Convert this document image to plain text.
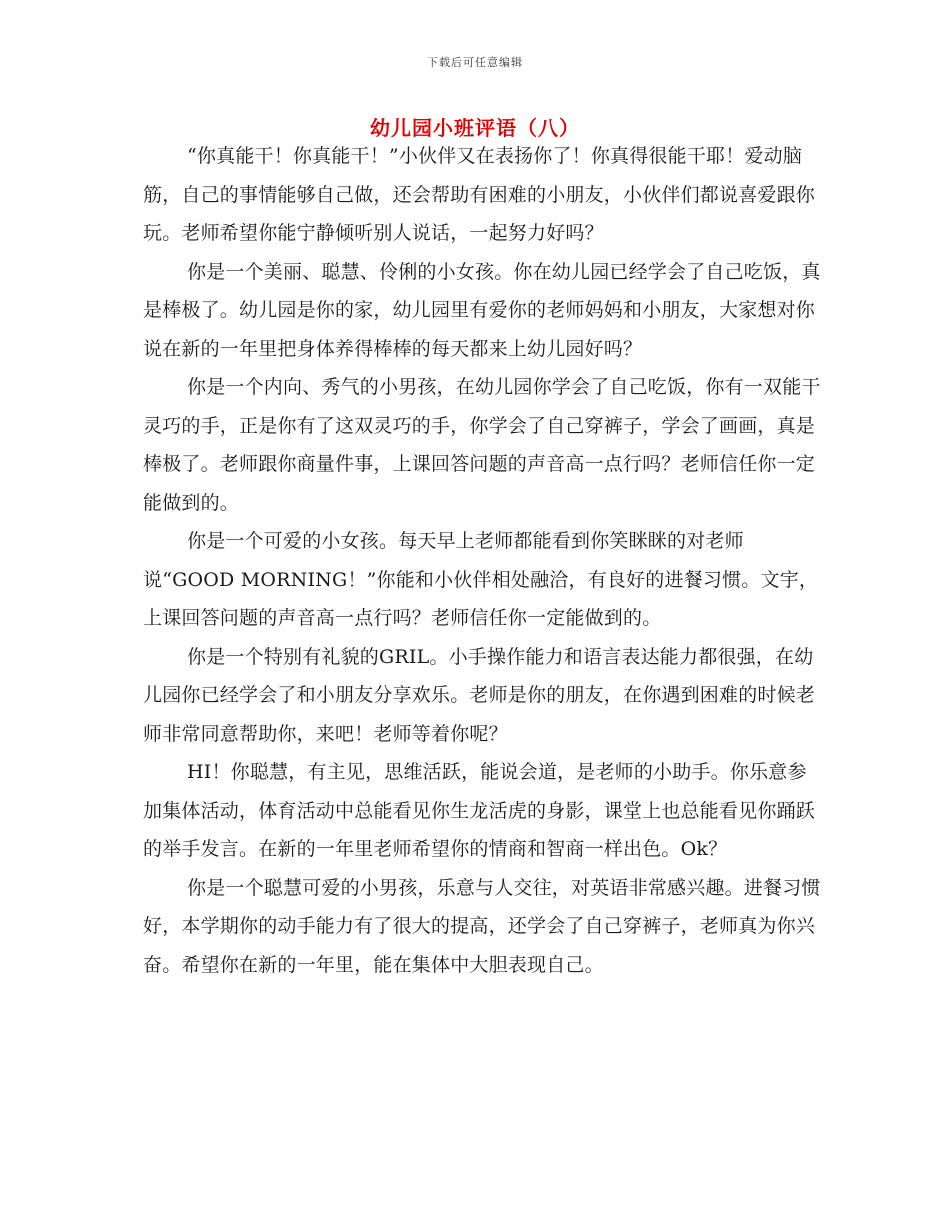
下载后可任意编辑
幼儿园小班评语（八）

“你真能干！你真能干！”小伙伴又在表扬你了！你真得很能干耶！爱动脑筋，自己的事情能够自己做，还会帮助有困难的小朋友，小伙伴们都说喜爱跟你玩。老师希望你能宁静倾听别人说话，一起努力好吗？

你是一个美丽、聪慧、伶俐的小女孩。你在幼儿园已经学会了自己吃饭，真是棒极了。幼儿园是你的家，幼儿园里有爱你的老师妈妈和小朋友，大家想对你说在新的一年里把身体养得棒棒的每天都来上幼儿园好吗？

你是一个内向、秀气的小男孩，在幼儿园你学会了自己吃饭，你有一双能干灵巧的手，正是你有了这双灵巧的手，你学会了自己穿裤子，学会了画画，真是棒极了。老师跟你商量件事，上课回答问题的声音高一点行吗？老师信任你一定能做到的。

你是一个可爱的小女孩。每天早上老师都能看到你笑眯眯的对老师说“GOOD MORNING！”你能和小伙伴相处融洽，有良好的进餐习惯。文宇，上课回答问题的声音高一点行吗？老师信任你一定能做到的。

你是一个特别有礼貌的GRIL。小手操作能力和语言表达能力都很强，在幼儿园你已经学会了和小朋友分享欢乐。老师是你的朋友，在你遇到困难的时候老师非常同意帮助你，来吧！老师等着你呢？

HI！你聪慧，有主见，思维活跃，能说会道，是老师的小助手。你乐意参加集体活动，体育活动中总能看见你生龙活虎的身影，课堂上也总能看见你踊跃的举手发言。在新的一年里老师希望你的情商和智商一样出色。Ok？

你是一个聪慧可爱的小男孩，乐意与人交往，对英语非常感兴趣。进餐习惯好，本学期你的动手能力有了很大的提高，还学会了自己穿裤子，老师真为你兴奋。希望你在新的一年里，能在集体中大胆表现自己。
